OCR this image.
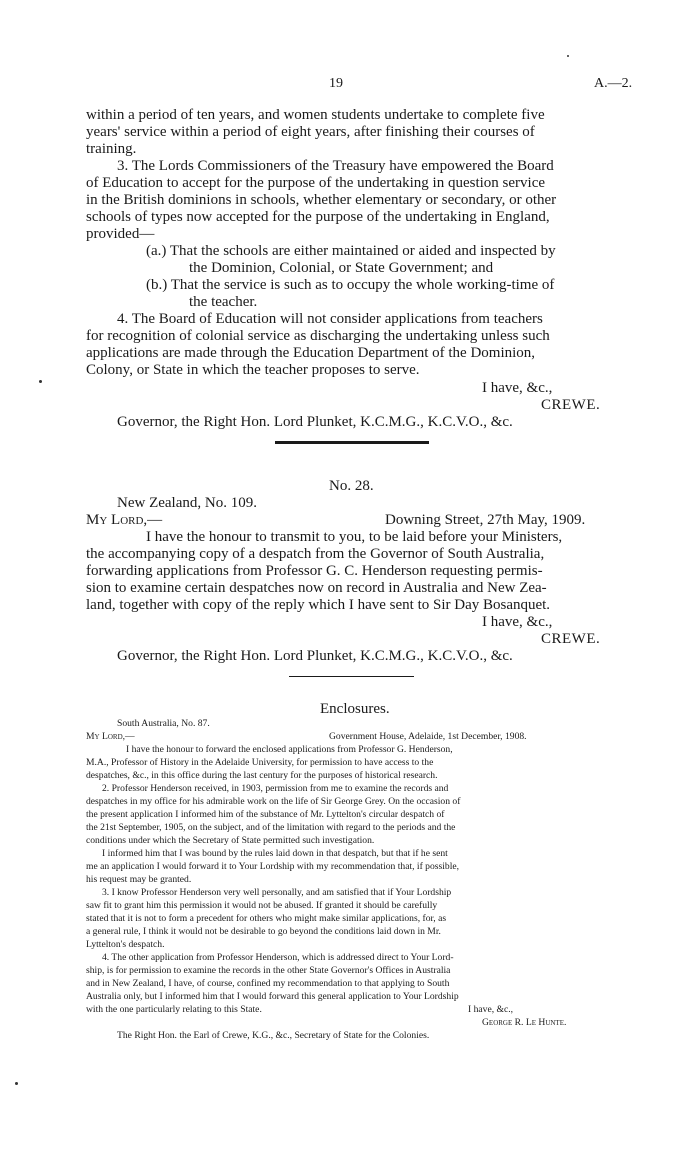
19	A.—2.
within a period of ten years, and women students undertake to complete five
years' service within a period of eight years, after finishing their courses of
training.
3. The Lords Commissioners of the Treasury have empowered the Board
of Education to accept for the purpose of the undertaking in question service
in the British dominions in schools, whether elementary or secondary, or other
schools of types now accepted for the purpose of the undertaking in England,
provided—
(a.) That the schools are either maintained or aided and inspected by
the Dominion, Colonial, or State Government; and
(b.) That the service is such as to occupy the whole working-time of
the teacher.
4. The Board of Education will not consider applications from teachers
for recognition of colonial service as discharging the undertaking unless such
applications are made through the Education Department of the Dominion,
Colony, or State in which the teacher proposes to serve.
I have, &c.,
CREWE.
Governor, the Right Hon. Lord Plunket, K.C.M.G., K.C.V.O., &c.
No. 28.
New Zealand, No. 109.
My Lord,—	Downing Street, 27th May, 1909.
I have the honour to transmit to you, to be laid before your Ministers,
the accompanying copy of a despatch from the Governor of South Australia,
forwarding applications from Professor G. C. Henderson requesting permis-
sion to examine certain despatches now on record in Australia and New Zea-
land, together with copy of the reply which I have sent to Sir Day Bosanquet.
I have, &c.,
CREWE.
Governor, the Right Hon. Lord Plunket, K.C.M.G., K.C.V.O., &c.
Enclosures.
South Australia, No. 87.
My Lord,—	Government House, Adelaide, 1st December, 1908.
I have the honour to forward the enclosed applications from Professor G. Henderson,
M.A., Professor of History in the Adelaide University, for permission to have access to the
despatches, &c., in this office during the last century for the purposes of historical research.
2. Professor Henderson received, in 1903, permission from me to examine the records and
despatches in my office for his admirable work on the life of Sir George Grey. On the occasion of
the present application I informed him of the substance of Mr. Lyttelton's circular despatch of
the 21st September, 1905, on the subject, and of the limitation with regard to the periods and the
conditions under which the Secretary of State permitted such investigation.
I informed him that I was bound by the rules laid down in that despatch, but that if he sent
me an application I would forward it to Your Lordship with my recommendation that, if possible,
his request may be granted.
3. I know Professor Henderson very well personally, and am satisfied that if Your Lordship
saw fit to grant him this permission it would not be abused. If granted it should be carefully
stated that it is not to form a precedent for others who might make similar applications, for, as
a general rule, I think it would not be desirable to go beyond the conditions laid down in Mr.
Lyttelton's despatch.
4. The other application from Professor Henderson, which is addressed direct to Your Lord-
ship, is for permission to examine the records in the other State Governor's Offices in Australia
and in New Zealand, I have, of course, confined my recommendation to that applying to South
Australia only, but I informed him that I would forward this general application to Your Lordship
with the one particularly relating to this State.	I have, &c.,
George R. Le Hunte.
The Right Hon. the Earl of Crewe, K.G., &c., Secretary of State for the Colonies.
